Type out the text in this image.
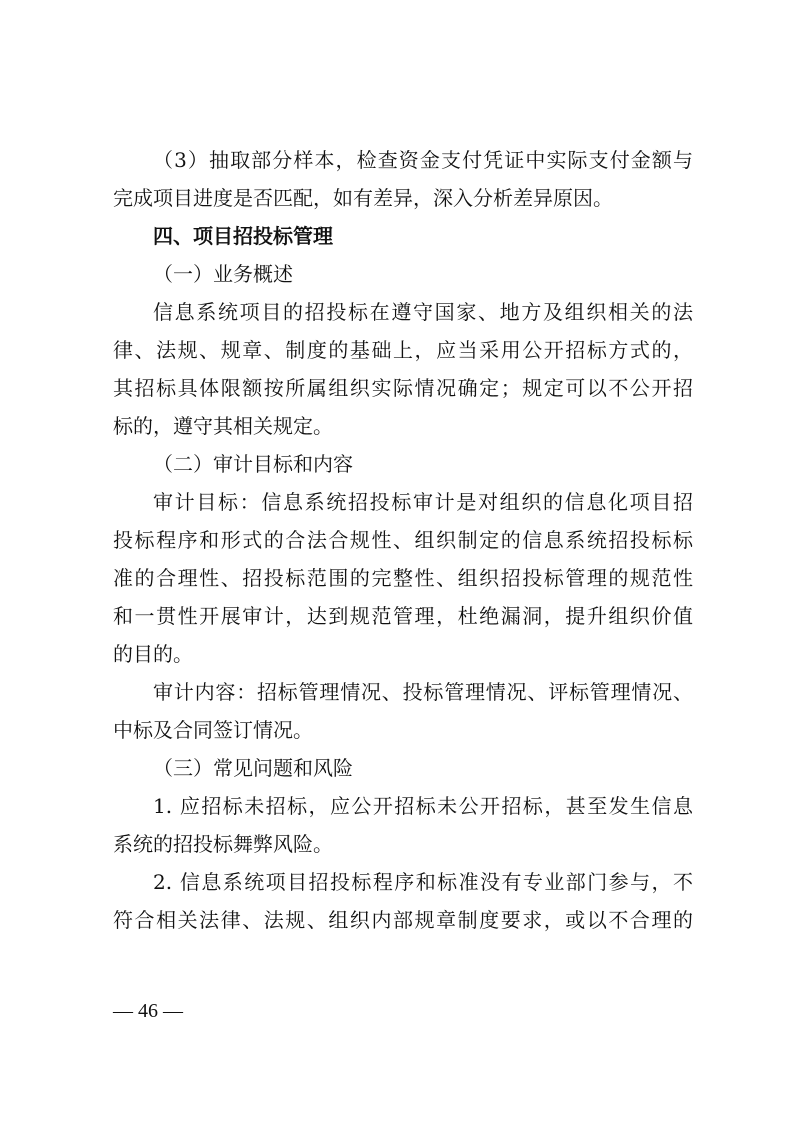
（3）抽取部分样本，检查资金支付凭证中实际支付金额与
完成项目进度是否匹配，如有差异，深入分析差异原因。
四、项目招投标管理
（一）业务概述
信息系统项目的招投标在遵守国家、地方及组织相关的法
律、法规、规章、制度的基础上，应当采用公开招标方式的，
其招标具体限额按所属组织实际情况确定；规定可以不公开招
标的，遵守其相关规定。
（二）审计目标和内容
审计目标：信息系统招投标审计是对组织的信息化项目招
投标程序和形式的合法合规性、组织制定的信息系统招投标标
准的合理性、招投标范围的完整性、组织招投标管理的规范性
和一贯性开展审计，达到规范管理，杜绝漏洞，提升组织价值
的目的。
审计内容：招标管理情况、投标管理情况、评标管理情况、
中标及合同签订情况。
（三）常见问题和风险
1. 应招标未招标，应公开招标未公开招标，甚至发生信息
系统的招投标舞弊风险。
2. 信息系统项目招投标程序和标准没有专业部门参与，不
符合相关法律、法规、组织内部规章制度要求，或以不合理的
— 46 —
